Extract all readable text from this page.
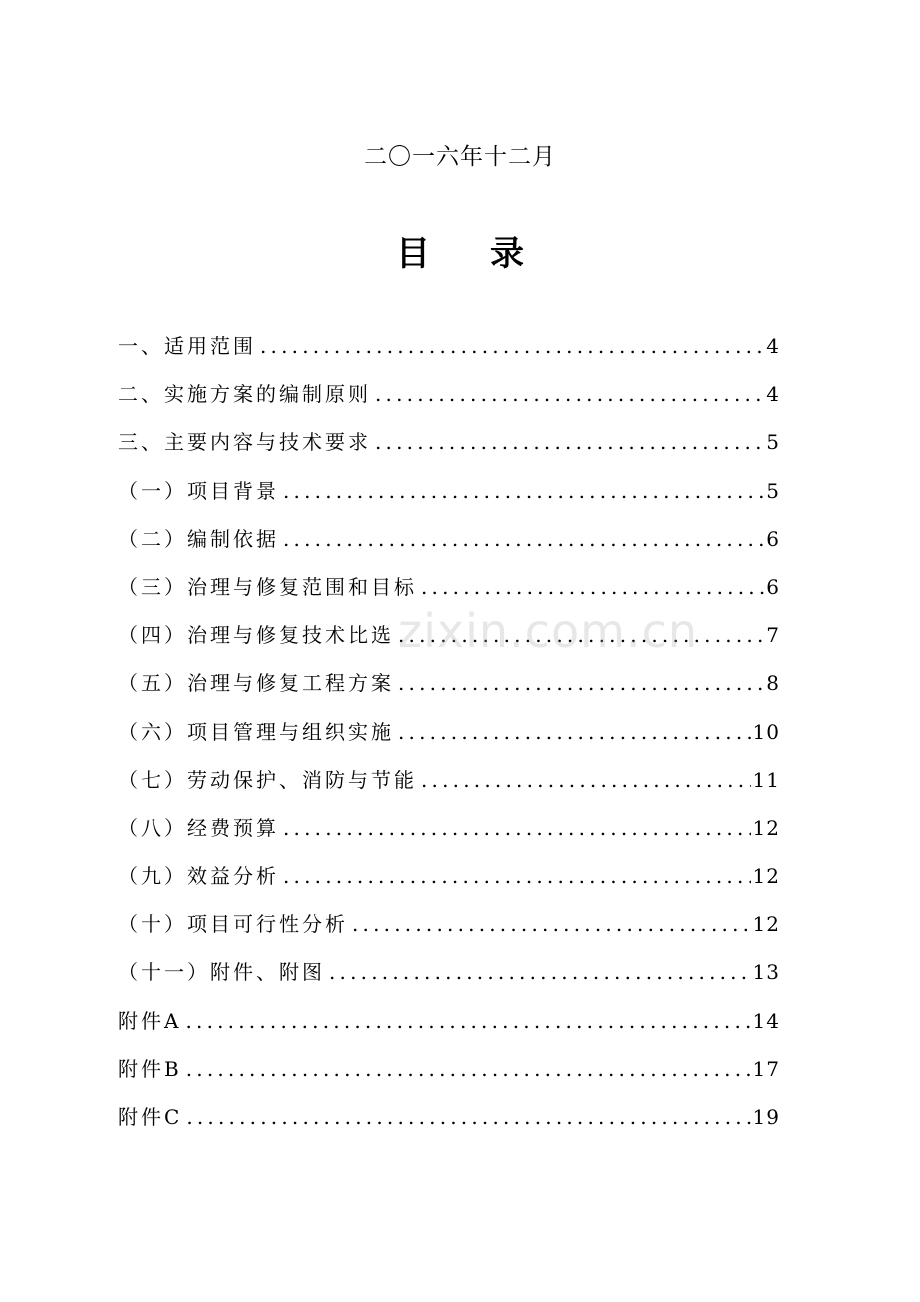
二〇一六年十二月
目 录
一、适用范围 .....	4
二、实施方案的编制原则 .....	4
三、主要内容与技术要求 .....	5
（一）项目背景 .....	5
（二）编制依据 .....	6
（三）治理与修复范围和目标 .....	6
（四）治理与修复技术比选 .....	7
（五）治理与修复工程方案 .....	8
（六）项目管理与组织实施 .....	10
（七）劳动保护、消防与节能 .....	11
（八）经费预算 .....	12
（九）效益分析 .....	12
（十）项目可行性分析 .....	12
（十一）附件、附图 .....	13
附件A .....	14
附件B .....	17
附件C .....	19
zixin.com.cn
